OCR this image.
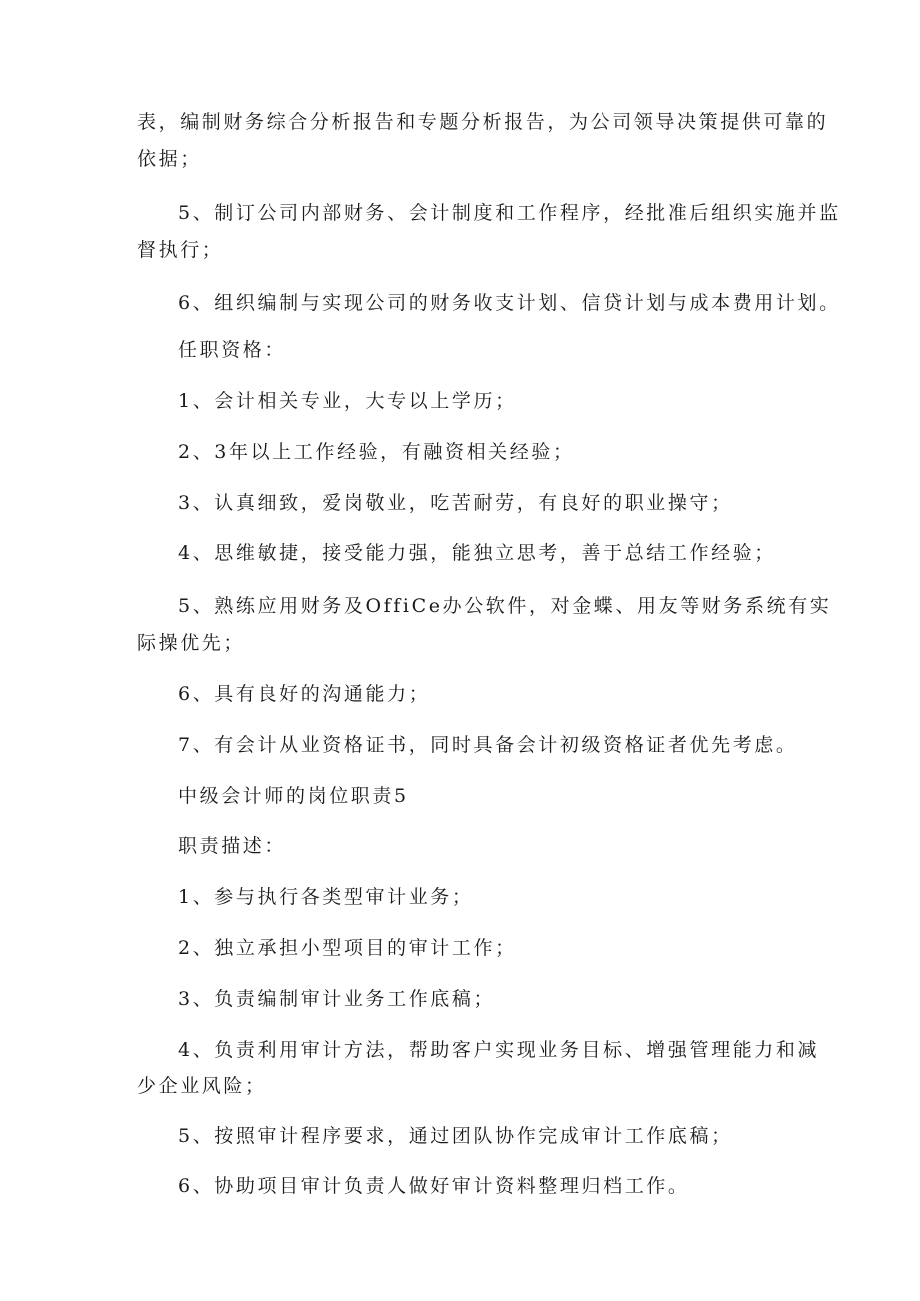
表，编制财务综合分析报告和专题分析报告，为公司领导决策提供可靠的

依据；

5、制订公司内部财务、会计制度和工作程序，经批准后组织实施并监

督执行；

6、组织编制与实现公司的财务收支计划、信贷计划与成本费用计划。

任职资格：

1、会计相关专业，大专以上学历；

2、3年以上工作经验，有融资相关经验；

3、认真细致，爱岗敬业，吃苦耐劳，有良好的职业操守；

4、思维敏捷，接受能力强，能独立思考，善于总结工作经验；

5、熟练应用财务及OffiCe办公软件，对金蝶、用友等财务系统有实

际操优先；

6、具有良好的沟通能力；

7、有会计从业资格证书，同时具备会计初级资格证者优先考虑。

中级会计师的岗位职责5

职责描述：

1、参与执行各类型审计业务；

2、独立承担小型项目的审计工作；

3、负责编制审计业务工作底稿；

4、负责利用审计方法，帮助客户实现业务目标、增强管理能力和减

少企业风险；

5、按照审计程序要求，通过团队协作完成审计工作底稿；

6、协助项目审计负责人做好审计资料整理归档工作。
